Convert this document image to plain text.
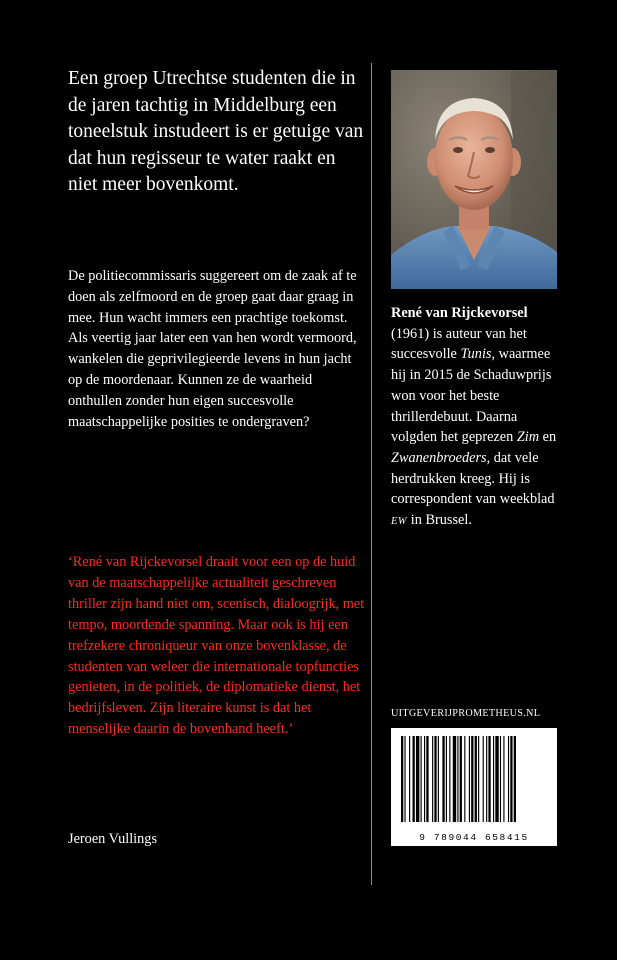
Een groep Utrechtse studenten die in de jaren tachtig in Middelburg een toneelstuk instudeert is er getuige van dat hun regisseur te water raakt en niet meer bovenkomt.

De politiecommissaris suggereert om de zaak af te doen als zelfmoord en de groep gaat daar graag in mee. Hun wacht immers een prachtige toekomst. Als veertig jaar later een van hen wordt vermoord, wankelen die geprivilegieerde levens in hun jacht op de moordenaar. Kunnen ze de waarheid onthullen zonder hun eigen succesvolle maatschappelijke posities te ondergraven?

‘René van Rijckevorsel draait voor een op de huid van de maatschappelijke actualiteit geschreven thriller zijn hand niet om, scenisch, dialoogrijk, met tempo, moordende spanning. Maar ook is hij een trefzekere chroniqueur van onze bovenklasse, de studenten van weleer die internationale topfuncties genieten, in de politiek, de diplomatieke dienst, het bedrijfsleven. Zijn literaire kunst is dat het menselijke daarin de bovenhand heeft.’

Jeroen Vullings

René van Rijckevorsel
(1961) is auteur van het succesvolle Tunis, waarmee hij in 2015 de Schaduwprijs won voor het beste thrillerdebuut. Daarna volgden het geprezen Zim en Zwanenbroeders, dat vele herdrukken kreeg. Hij is correspondent van weekblad EW in Brussel.

UITGEVERIJPROMETHEUS.NL
9 789044 658415
